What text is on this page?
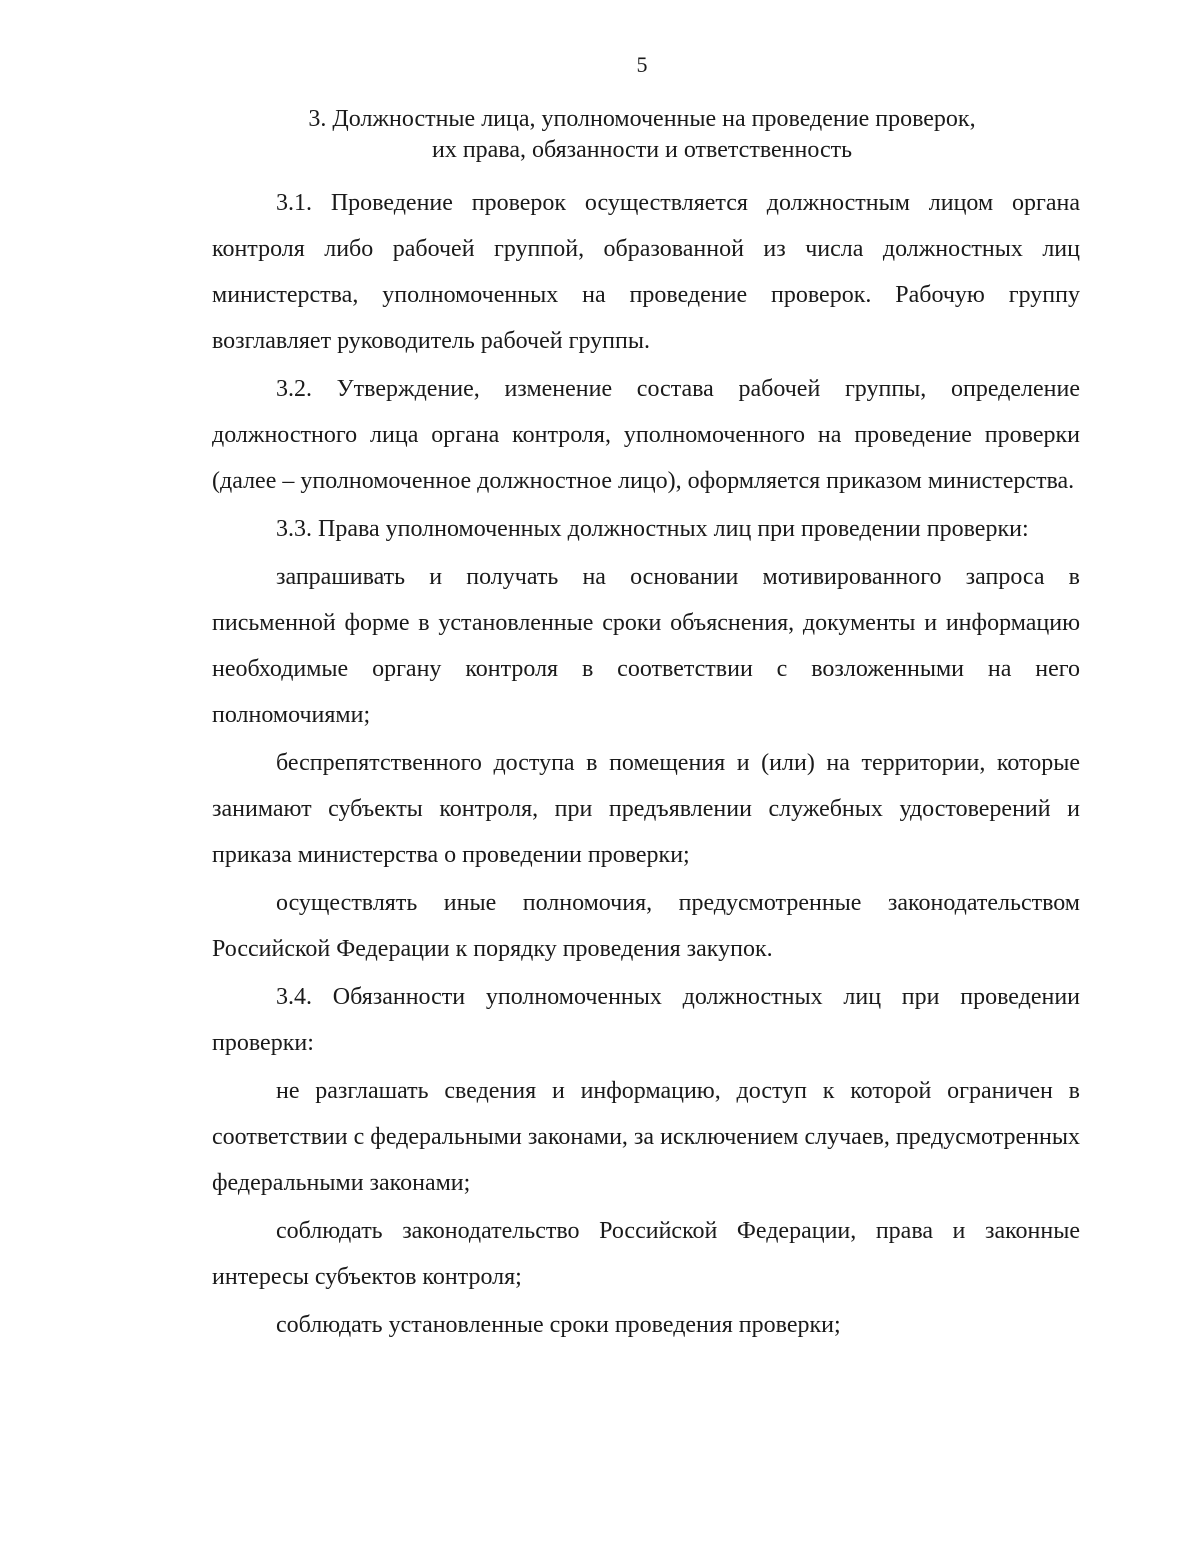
5
3. Должностные лица, уполномоченные на проведение проверок,
их права, обязанности и ответственность

3.1. Проведение проверок осуществляется должностным лицом органа контроля либо рабочей группой, образованной из числа должностных лиц министерства, уполномоченных на проведение проверок. Рабочую группу возглавляет руководитель рабочей группы.

3.2. Утверждение, изменение состава рабочей группы, определение должностного лица органа контроля, уполномоченного на проведение проверки (далее – уполномоченное должностное лицо), оформляется приказом министерства.

3.3. Права уполномоченных должностных лиц при проведении проверки:

запрашивать и получать на основании мотивированного запроса в письменной форме в установленные сроки объяснения, документы и информацию необходимые органу контроля в соответствии с возложенными на него полномочиями;

беспрепятственного доступа в помещения и (или) на территории, которые занимают субъекты контроля, при предъявлении служебных удостоверений и приказа министерства о проведении проверки;

осуществлять иные полномочия, предусмотренные законодательством Российской Федерации к порядку проведения закупок.

3.4. Обязанности уполномоченных должностных лиц при проведении проверки:

не разглашать сведения и информацию, доступ к которой ограничен в соответствии с федеральными законами, за исключением случаев, предусмотренных федеральными законами;

соблюдать законодательство Российской Федерации, права и законные интересы субъектов контроля;

соблюдать установленные сроки проведения проверки;
